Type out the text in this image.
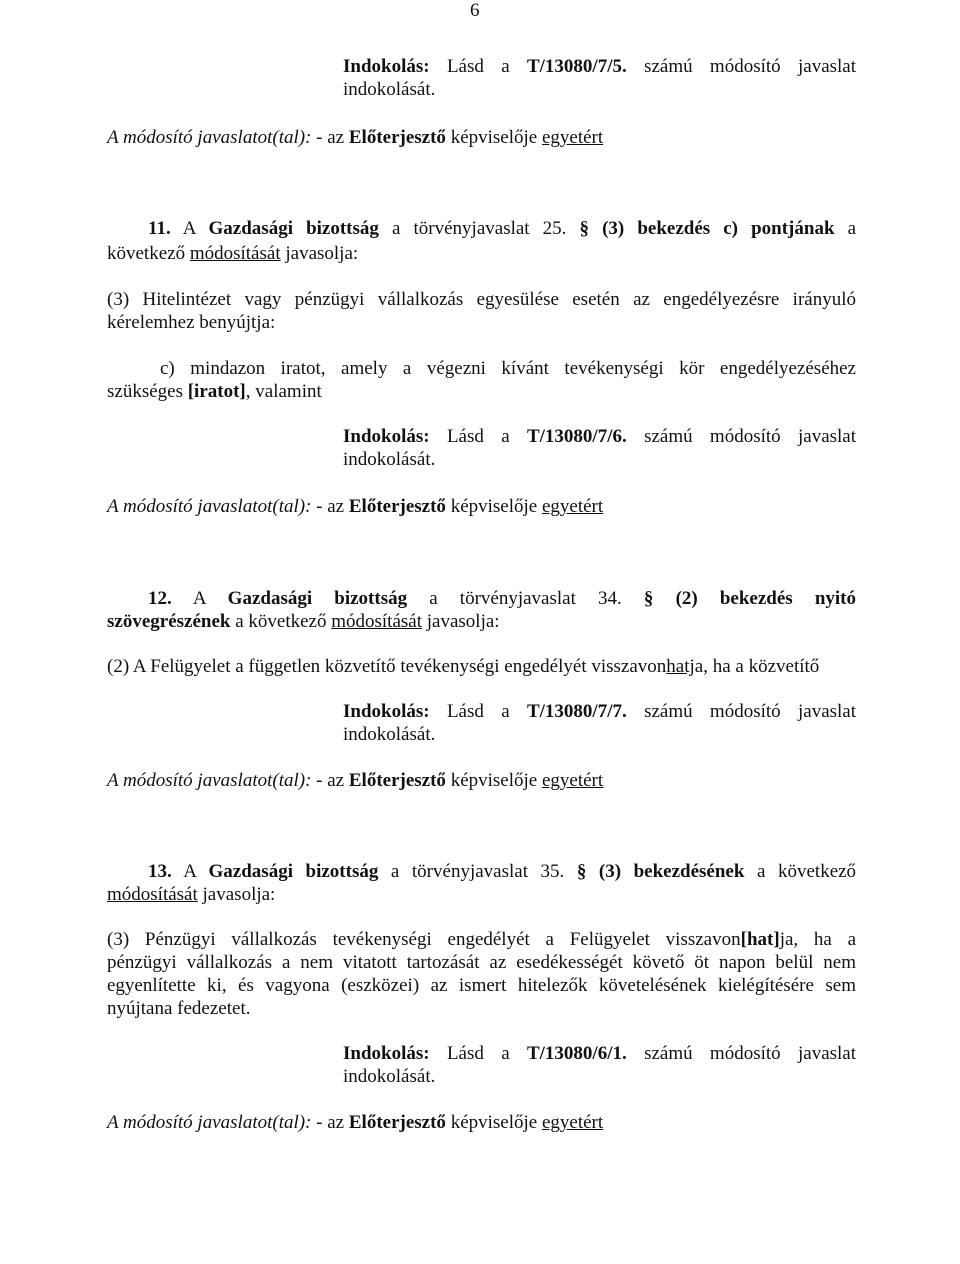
6
Indokolás: Lásd a T/13080/7/5. számú módosító javaslat
indokolását.
A módosító javaslatot(tal): - az Előterjesztő képviselője egyetért
11. A Gazdasági bizottság a törvényjavaslat 25. § (3) bekezdés c) pontjának a
következő módosítását javasolja:
(3) Hitelintézet vagy pénzügyi vállalkozás egyesülése esetén az engedélyezésre irányuló
kérelemhez benyújtja:
c) mindazon iratot, amely a végezni kívánt tevékenységi kör engedélyezéséhez
szükséges [iratot], valamint
Indokolás: Lásd a T/13080/7/6. számú módosító javaslat
indokolását.
A módosító javaslatot(tal): - az Előterjesztő képviselője egyetért
12. A Gazdasági bizottság a törvényjavaslat 34. § (2) bekezdés nyitó
szövegrészének a következő módosítását javasolja:
(2) A Felügyelet a független közvetítő tevékenységi engedélyét visszavonhatja, ha a közvetítő
Indokolás: Lásd a T/13080/7/7. számú módosító javaslat
indokolását.
A módosító javaslatot(tal): - az Előterjesztő képviselője egyetért
13. A Gazdasági bizottság a törvényjavaslat 35. § (3) bekezdésének a következő
módosítását javasolja:
(3) Pénzügyi vállalkozás tevékenységi engedélyét a Felügyelet visszavon[hat]ja, ha a
pénzügyi vállalkozás a nem vitatott tartozását az esedékességét követő öt napon belül nem
egyenlítette ki, és vagyona (eszközei) az ismert hitelezők követelésének kielégítésére sem
nyújtana fedezetet.
Indokolás: Lásd a T/13080/6/1. számú módosító javaslat
indokolását.
A módosító javaslatot(tal): - az Előterjesztő képviselője egyetért
